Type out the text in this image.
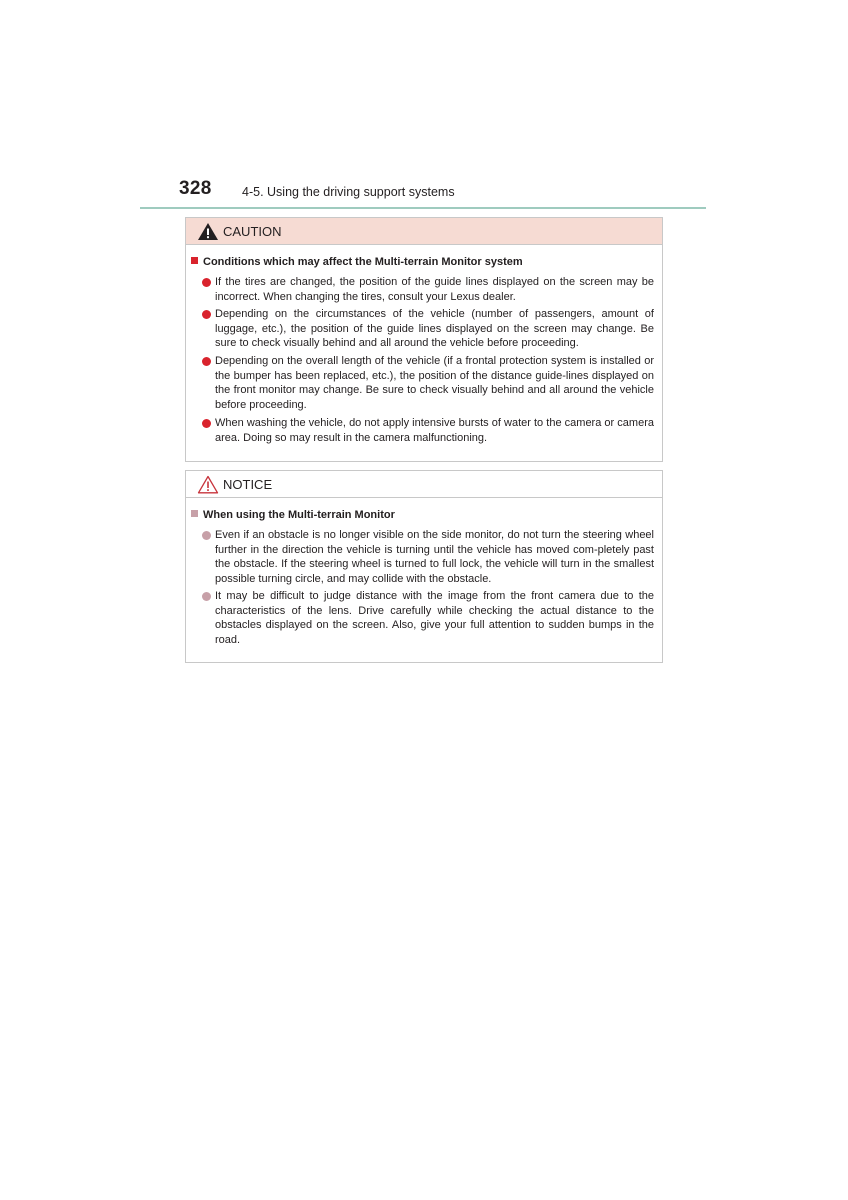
328 4-5. Using the driving support systems
CAUTION
Conditions which may affect the Multi-terrain Monitor system
If the tires are changed, the position of the guide lines displayed on the screen may be incorrect. When changing the tires, consult your Lexus dealer.
Depending on the circumstances of the vehicle (number of passengers, amount of luggage, etc.), the position of the guide lines displayed on the screen may change. Be sure to check visually behind and all around the vehicle before proceeding.
Depending on the overall length of the vehicle (if a frontal protection system is installed or the bumper has been replaced, etc.), the position of the distance guide-lines displayed on the front monitor may change. Be sure to check visually behind and all around the vehicle before proceeding.
When washing the vehicle, do not apply intensive bursts of water to the camera or camera area. Doing so may result in the camera malfunctioning.
NOTICE
When using the Multi-terrain Monitor
Even if an obstacle is no longer visible on the side monitor, do not turn the steering wheel further in the direction the vehicle is turning until the vehicle has moved com-pletely past the obstacle. If the steering wheel is turned to full lock, the vehicle will turn in the smallest possible turning circle, and may collide with the obstacle.
It may be difficult to judge distance with the image from the front camera due to the characteristics of the lens. Drive carefully while checking the actual distance to the obstacles displayed on the screen. Also, give your full attention to sudden bumps in the road.
